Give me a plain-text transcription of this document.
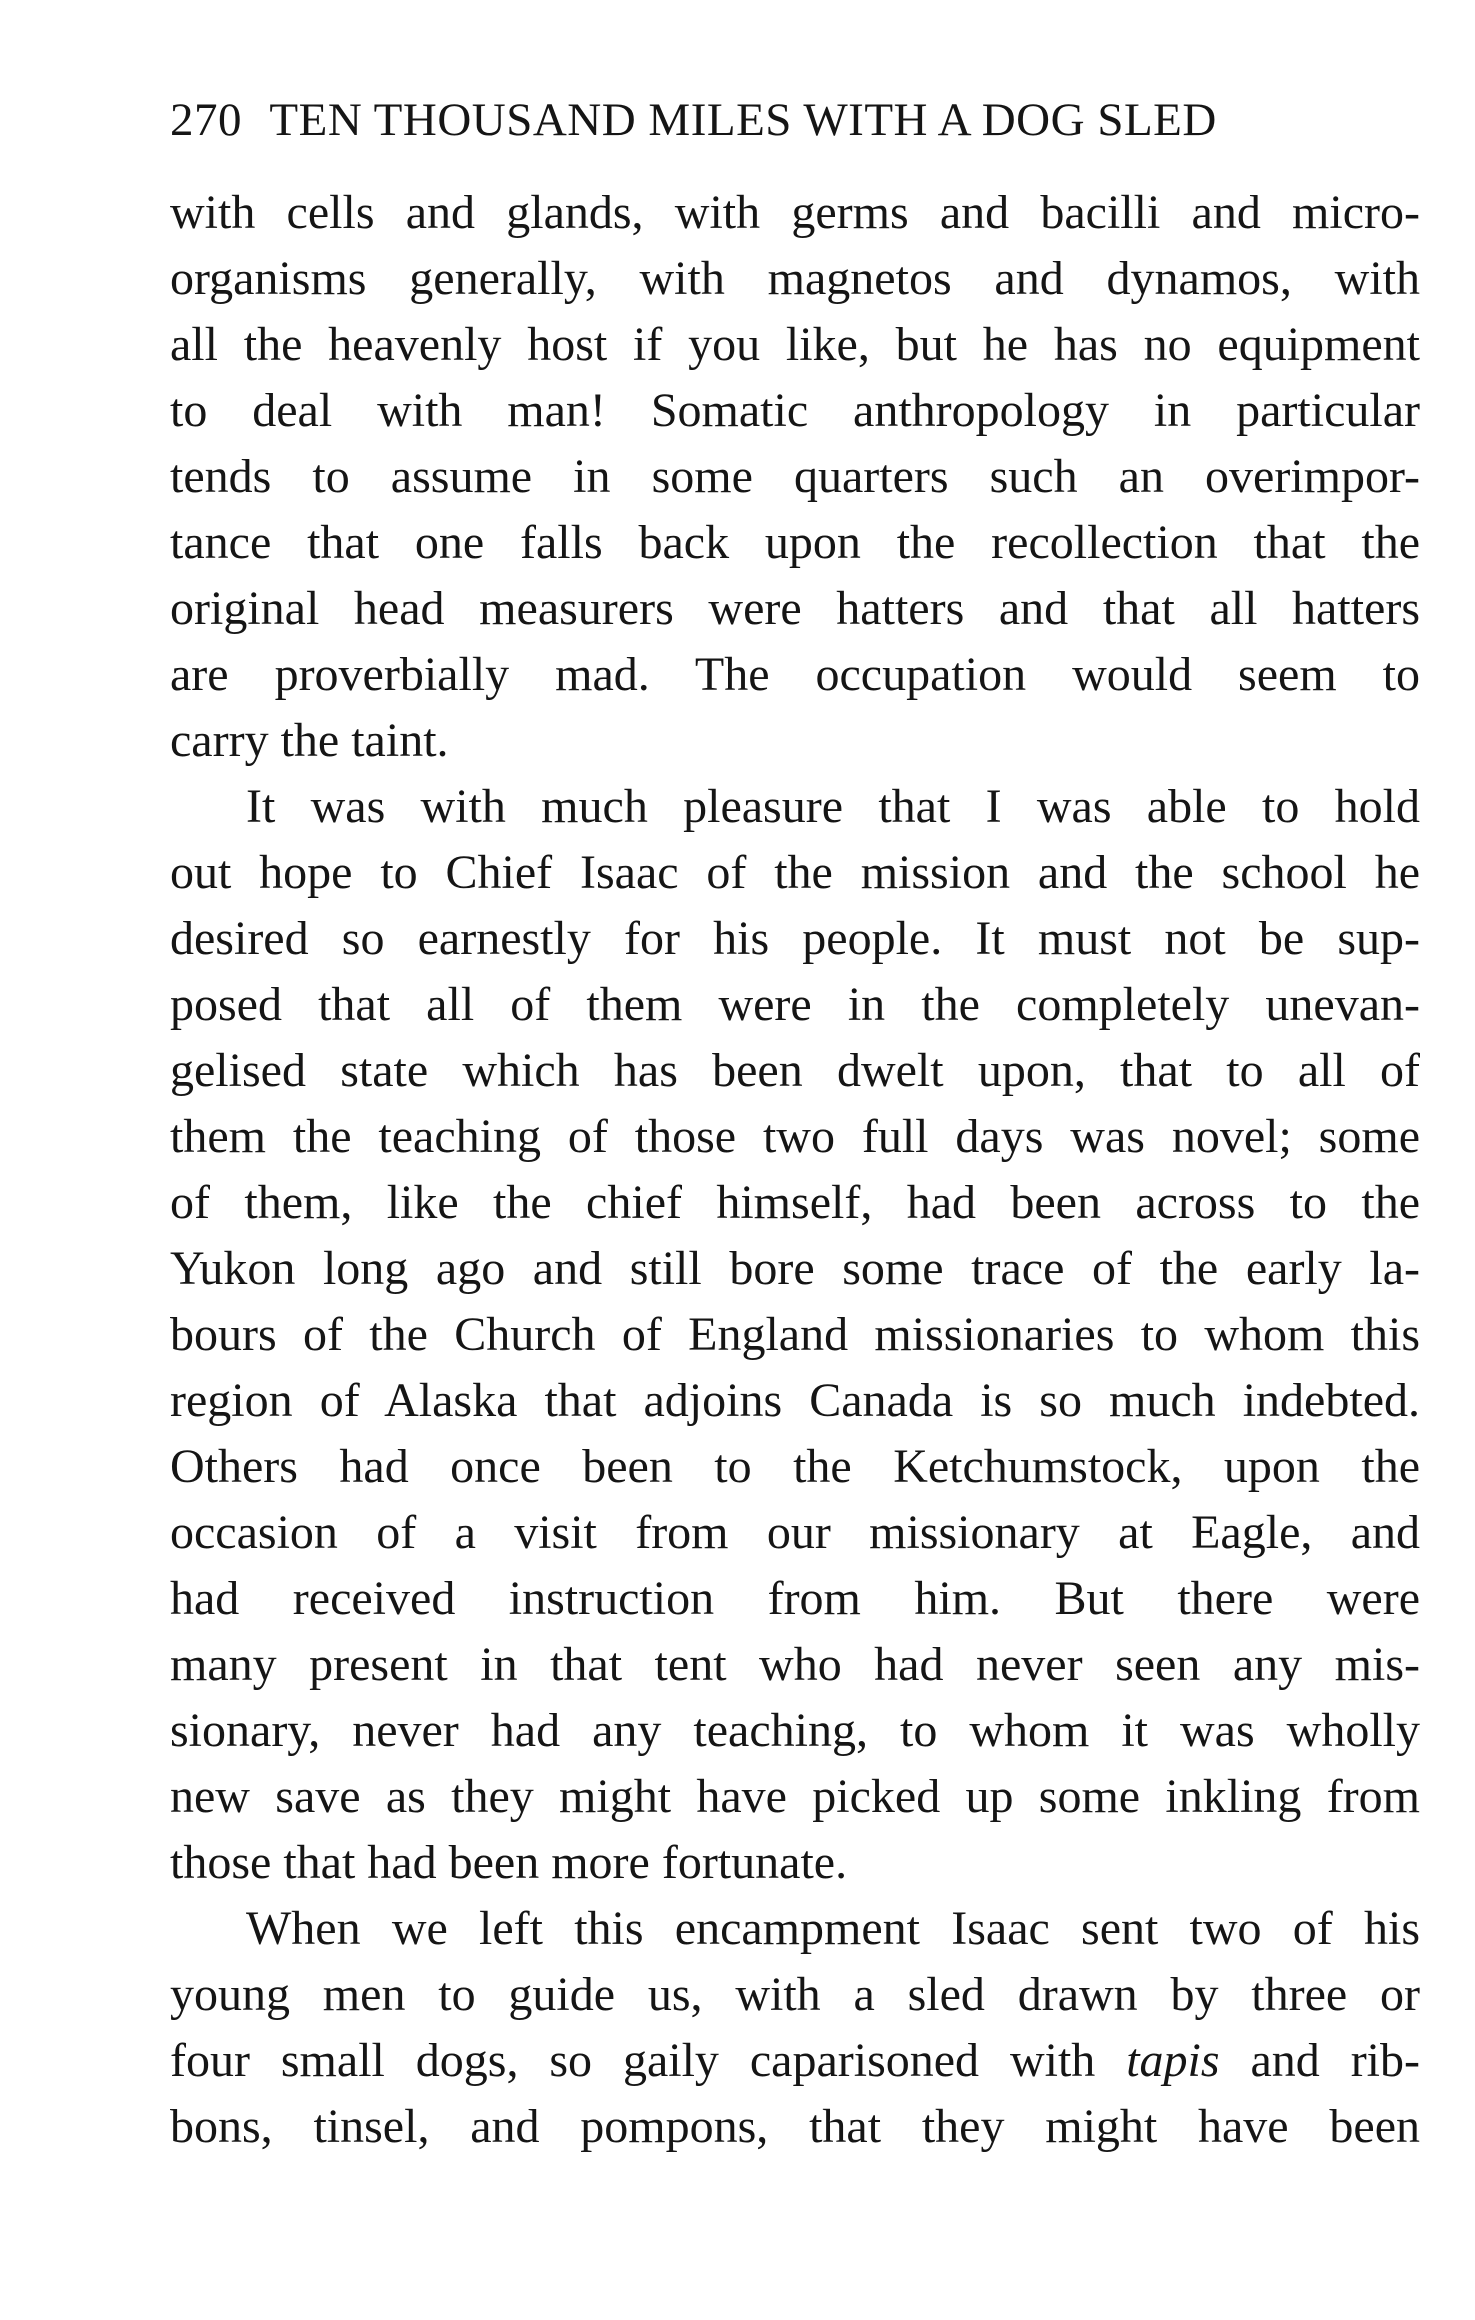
270 TEN THOUSAND MILES WITH A DOG SLED
with cells and glands, with germs and bacilli and micro-
organisms generally, with magnetos and dynamos, with
all the heavenly host if you like, but he has no equipment
to deal with man! Somatic anthropology in particular
tends to assume in some quarters such an overimpor-
tance that one falls back upon the recollection that the
original head measurers were hatters and that all hatters
are proverbially mad. The occupation would seem to
carry the taint.
It was with much pleasure that I was able to hold
out hope to Chief Isaac of the mission and the school he
desired so earnestly for his people. It must not be sup-
posed that all of them were in the completely unevan-
gelised state which has been dwelt upon, that to all of
them the teaching of those two full days was novel; some
of them, like the chief himself, had been across to the
Yukon long ago and still bore some trace of the early la-
bours of the Church of England missionaries to whom this
region of Alaska that adjoins Canada is so much indebted.
Others had once been to the Ketchumstock, upon the
occasion of a visit from our missionary at Eagle, and
had received instruction from him. But there were
many present in that tent who had never seen any mis-
sionary, never had any teaching, to whom it was wholly
new save as they might have picked up some inkling from
those that had been more fortunate.
When we left this encampment Isaac sent two of his
young men to guide us, with a sled drawn by three or
four small dogs, so gaily caparisoned with tapis and rib-
bons, tinsel, and pompons, that they might have been
